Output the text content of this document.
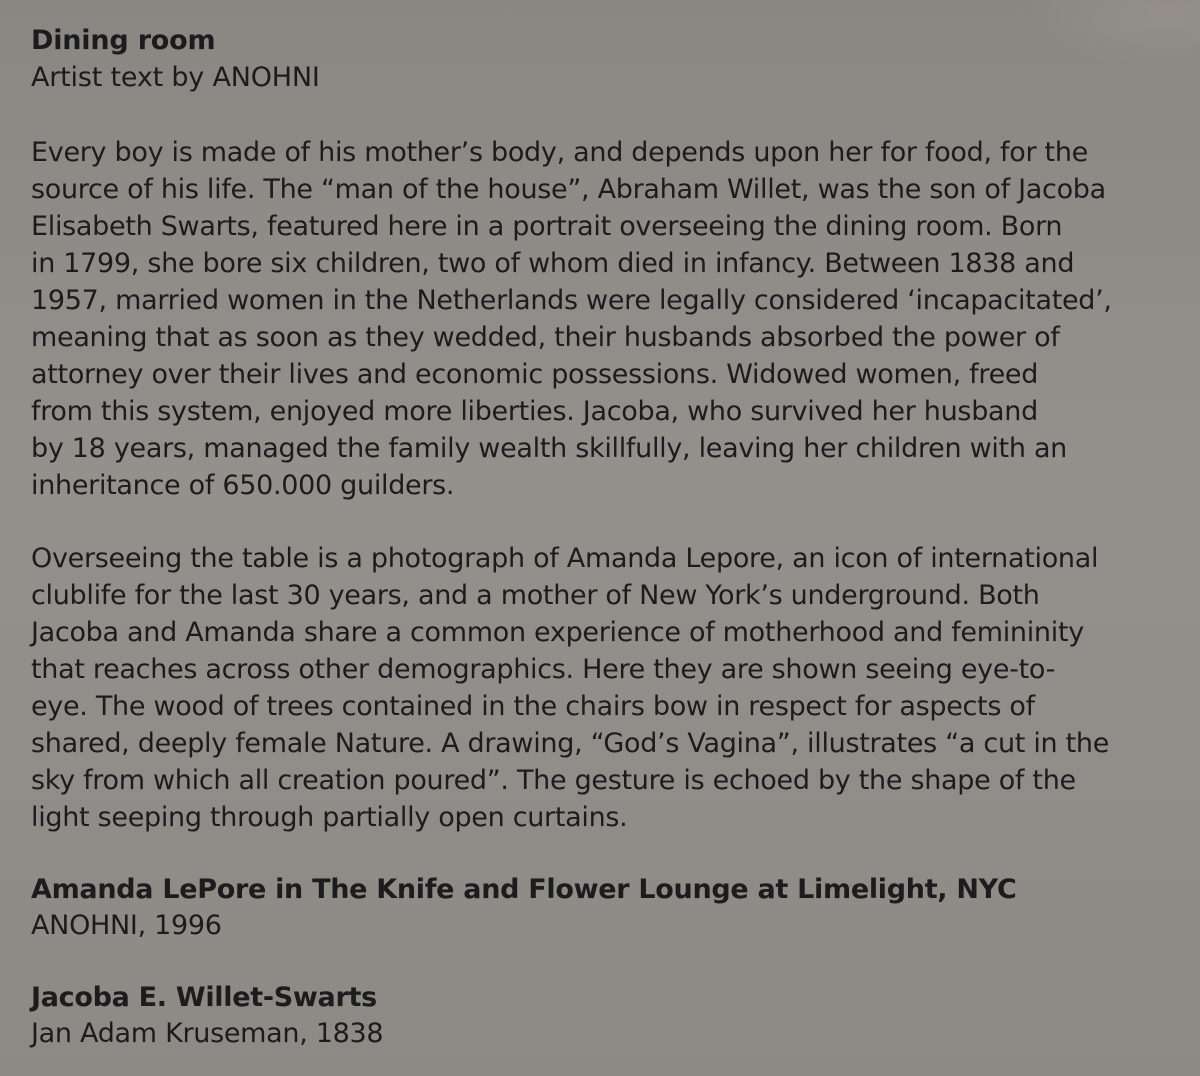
Dining room

Artist text by ANOHNI

Every boy is made of his mother’s body, and depends upon her for food, for the
source of his life. The “man of the house”, Abraham Willet, was the son of Jacoba
Elisabeth Swarts, featured here in a portrait overseeing the dining room. Born
in 1799, she bore six children, two of whom died in infancy. Between 1838 and
1957, married women in the Netherlands were legally considered ‘incapacitated’,
meaning that as soon as they wedded, their husbands absorbed the power of
attorney over their lives and economic possessions. Widowed women, freed
from this system, enjoyed more liberties. Jacoba, who survived her husband
by 18 years, managed the family wealth skillfully, leaving her children with an
inheritance of 650.000 guilders.

Overseeing the table is a photograph of Amanda Lepore, an icon of international
clublife for the last 30 years, and a mother of New York’s underground. Both
Jacoba and Amanda share a common experience of motherhood and femininity
that reaches across other demographics. Here they are shown seeing eye-to-
eye. The wood of trees contained in the chairs bow in respect for aspects of
shared, deeply female Nature. A drawing, “God’s Vagina”, illustrates “a cut in the
sky from which all creation poured”. The gesture is echoed by the shape of the
light seeping through partially open curtains.

Amanda LePore in The Knife and Flower Lounge at Limelight, NYC

ANOHNI, 1996

Jacoba E. Willet-Swarts

Jan Adam Kruseman, 1838
